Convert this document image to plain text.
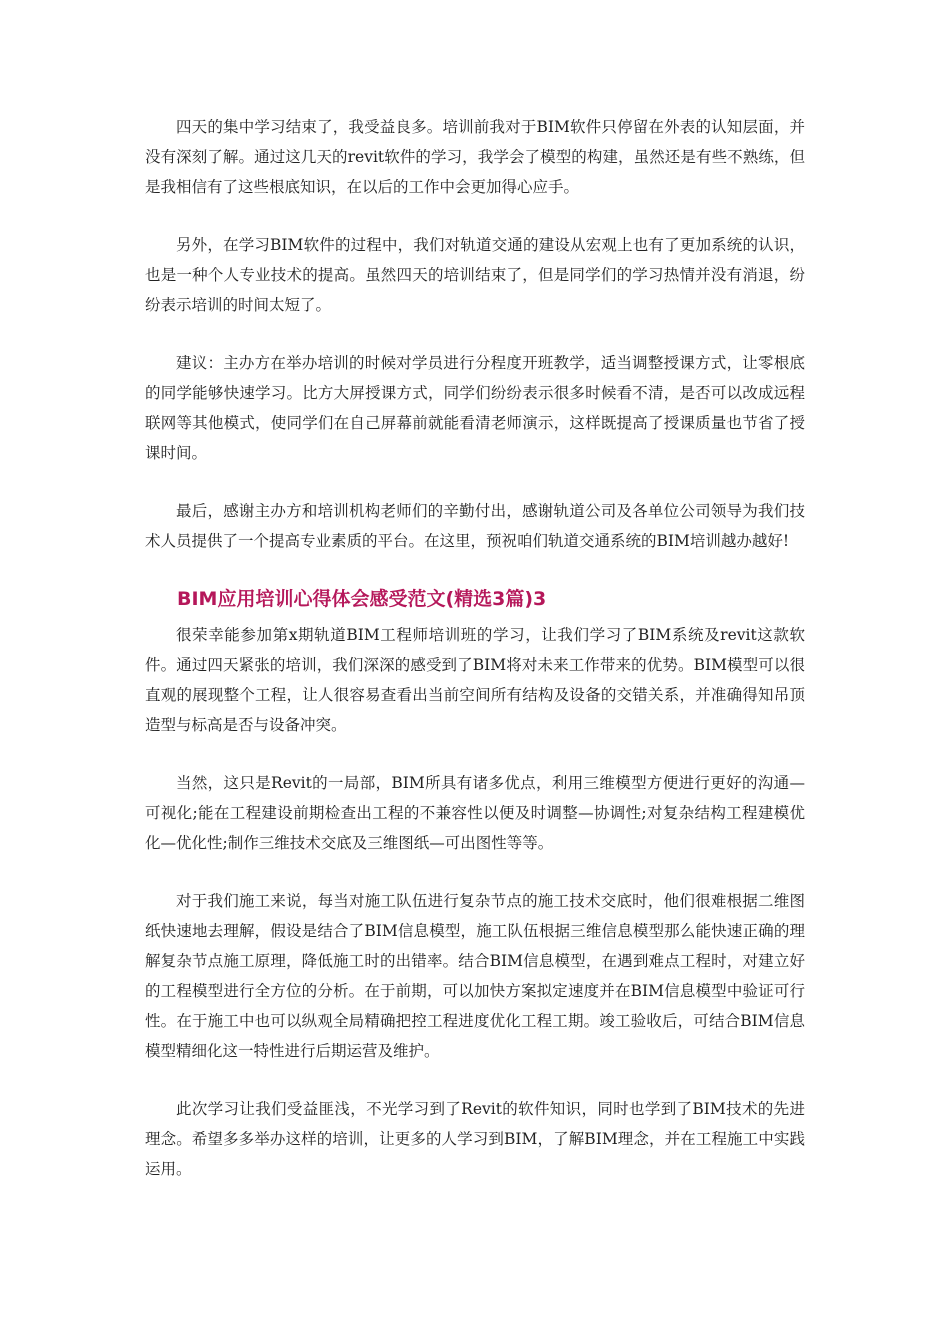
四天的集中学习结束了，我受益良多。培训前我对于BIM软件只停留在外表的认知层面，并没有深刻了解。通过这几天的revit软件的学习，我学会了模型的构建，虽然还是有些不熟练，但是我相信有了这些根底知识，在以后的工作中会更加得心应手。

另外，在学习BIM软件的过程中，我们对轨道交通的建设从宏观上也有了更加系统的认识，也是一种个人专业技术的提高。虽然四天的培训结束了，但是同学们的学习热情并没有消退，纷纷表示培训的时间太短了。

建议：主办方在举办培训的时候对学员进行分程度开班教学，适当调整授课方式，让零根底的同学能够快速学习。比方大屏授课方式，同学们纷纷表示很多时候看不清，是否可以改成远程联网等其他模式，使同学们在自己屏幕前就能看清老师演示，这样既提高了授课质量也节省了授课时间。

最后，感谢主办方和培训机构老师们的辛勤付出，感谢轨道公司及各单位公司领导为我们技术人员提供了一个提高专业素质的平台。在这里，预祝咱们轨道交通系统的BIM培训越办越好!

BIM应用培训心得体会感受范文(精选3篇)3

很荣幸能参加第x期轨道BIM工程师培训班的学习，让我们学习了BIM系统及revit这款软件。通过四天紧张的培训，我们深深的感受到了BIM将对未来工作带来的优势。BIM模型可以很直观的展现整个工程，让人很容易查看出当前空间所有结构及设备的交错关系，并准确得知吊顶造型与标高是否与设备冲突。

当然，这只是Revit的一局部，BIM所具有诸多优点，利用三维模型方便进行更好的沟通—可视化;能在工程建设前期检查出工程的不兼容性以便及时调整—协调性;对复杂结构工程建模优化—优化性;制作三维技术交底及三维图纸—可出图性等等。

对于我们施工来说，每当对施工队伍进行复杂节点的施工技术交底时，他们很难根据二维图纸快速地去理解，假设是结合了BIM信息模型，施工队伍根据三维信息模型那么能快速正确的理解复杂节点施工原理，降低施工时的出错率。结合BIM信息模型，在遇到难点工程时，对建立好的工程模型进行全方位的分析。在于前期，可以加快方案拟定速度并在BIM信息模型中验证可行性。在于施工中也可以纵观全局精确把控工程进度优化工程工期。竣工验收后，可结合BIM信息模型精细化这一特性进行后期运营及维护。

此次学习让我们受益匪浅，不光学习到了Revit的软件知识，同时也学到了BIM技术的先进理念。希望多多举办这样的培训，让更多的人学习到BIM，了解BIM理念，并在工程施工中实践运用。
